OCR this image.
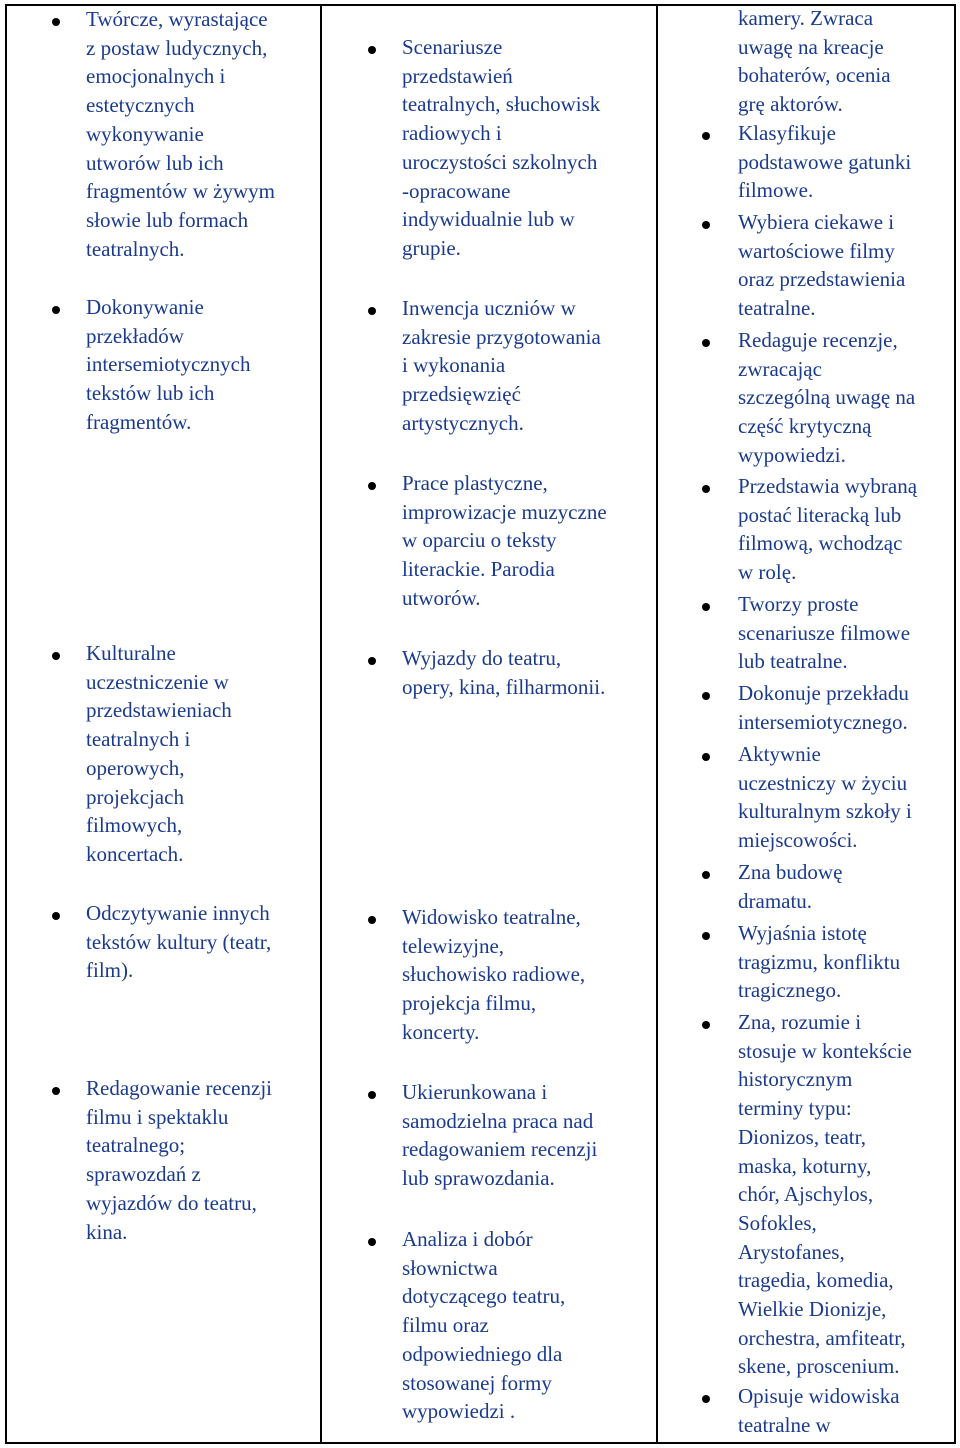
Twórcze, wyrastające
z postaw ludycznych,
emocjonalnych i
estetycznych
wykonywanie
utworów lub ich
fragmentów w żywym
słowie lub formach
teatralnych.
Dokonywanie
przekładów
intersemiotycznych
tekstów lub ich
fragmentów.
Kulturalne
uczestniczenie w
przedstawieniach
teatralnych i
operowych,
projekcjach
filmowych,
koncertach.
Odczytywanie innych
tekstów kultury (teatr,
film).
Redagowanie recenzji
filmu i spektaklu
teatralnego;
sprawozdań z
wyjazdów do teatru,
kina.
Scenariusze
przedstawień
teatralnych, słuchowisk
radiowych i
uroczystości szkolnych
-opracowane
indywidualnie lub w
grupie.
Inwencja uczniów w
zakresie przygotowania
i wykonania
przedsięwzięć
artystycznych.
Prace plastyczne,
improwizacje muzyczne
w oparciu o teksty
literackie. Parodia
utworów.
Wyjazdy do teatru,
opery, kina, filharmonii.
Widowisko teatralne,
telewizyjne,
słuchowisko radiowe,
projekcja filmu,
koncerty.
Ukierunkowana i
samodzielna praca nad
redagowaniem recenzji
lub sprawozdania.
Analiza i dobór
słownictwa
dotyczącego teatru,
filmu oraz
odpowiedniego dla
stosowanej formy
wypowiedzi .
kamery. Zwraca
uwagę na kreacje
bohaterów, ocenia
grę aktorów.
Klasyfikuje
podstawowe gatunki
filmowe.
Wybiera ciekawe i
wartościowe filmy
oraz przedstawienia
teatralne.
Redaguje recenzje,
zwracając
szczególną uwagę na
część krytyczną
wypowiedzi.
Przedstawia wybraną
postać literacką lub
filmową, wchodząc
w rolę.
Tworzy proste
scenariusze filmowe
lub teatralne.
Dokonuje przekładu
intersemiotycznego.
Aktywnie
uczestniczy w życiu
kulturalnym szkoły i
miejscowości.
Zna budowę
dramatu.
Wyjaśnia istotę
tragizmu, konfliktu
tragicznego.
Zna, rozumie i
stosuje w kontekście
historycznym
terminy typu:
Dionizos, teatr,
maska, koturny,
chór, Ajschylos,
Sofokles,
Arystofanes,
tragedia, komedia,
Wielkie Dionizje,
orchestra, amfiteatr,
skene, proscenium.
Opisuje widowiska
teatralne w
